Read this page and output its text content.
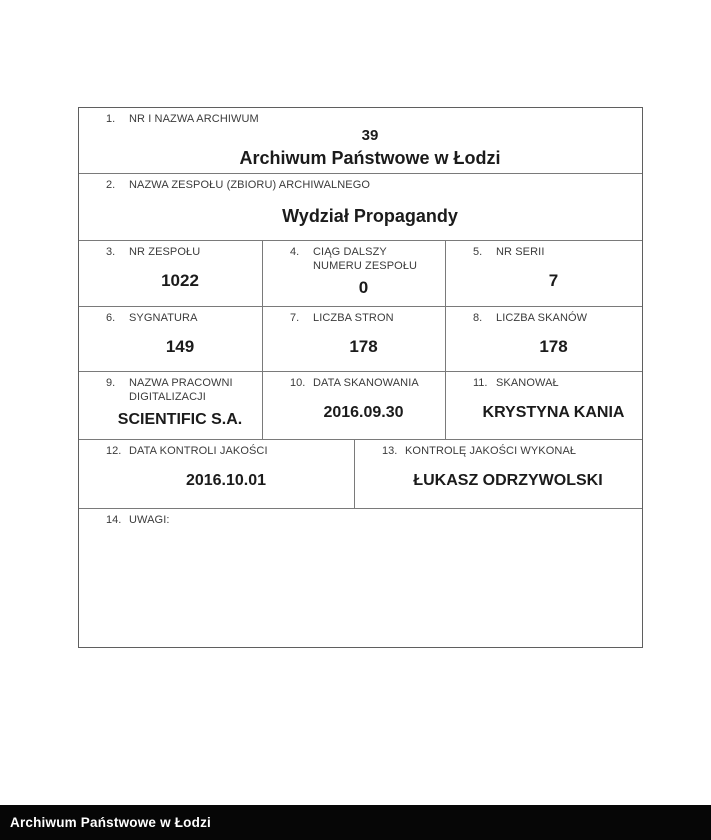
1.	NR I NAZWA ARCHIWUM
39
Archiwum Państwowe w Łodzi
2.	NAZWA ZESPOŁU (ZBIORU) ARCHIWALNEGO
Wydział Propagandy
3.	NR ZESPOŁU
1022
4.	CIĄG DALSZY NUMERU ZESPOŁU
0
5.	NR SERII
7
6.	SYGNATURA
149
7.	LICZBA STRON
178
8.	LICZBA SKANÓW
178
9.	NAZWA PRACOWNI DIGITALIZACJI
SCIENTIFIC S.A.
10. DATA SKANOWANIA
2016.09.30
11. SKANOWAŁ
KRYSTYNA KANIA
12. DATA KONTROLI JAKOŚCI
2016.10.01
13. KONTROLĘ JAKOŚCI WYKONAŁ
ŁUKASZ ODRZYWOLSKI
14. UWAGI:
Archiwum Państwowe w Łodzi
